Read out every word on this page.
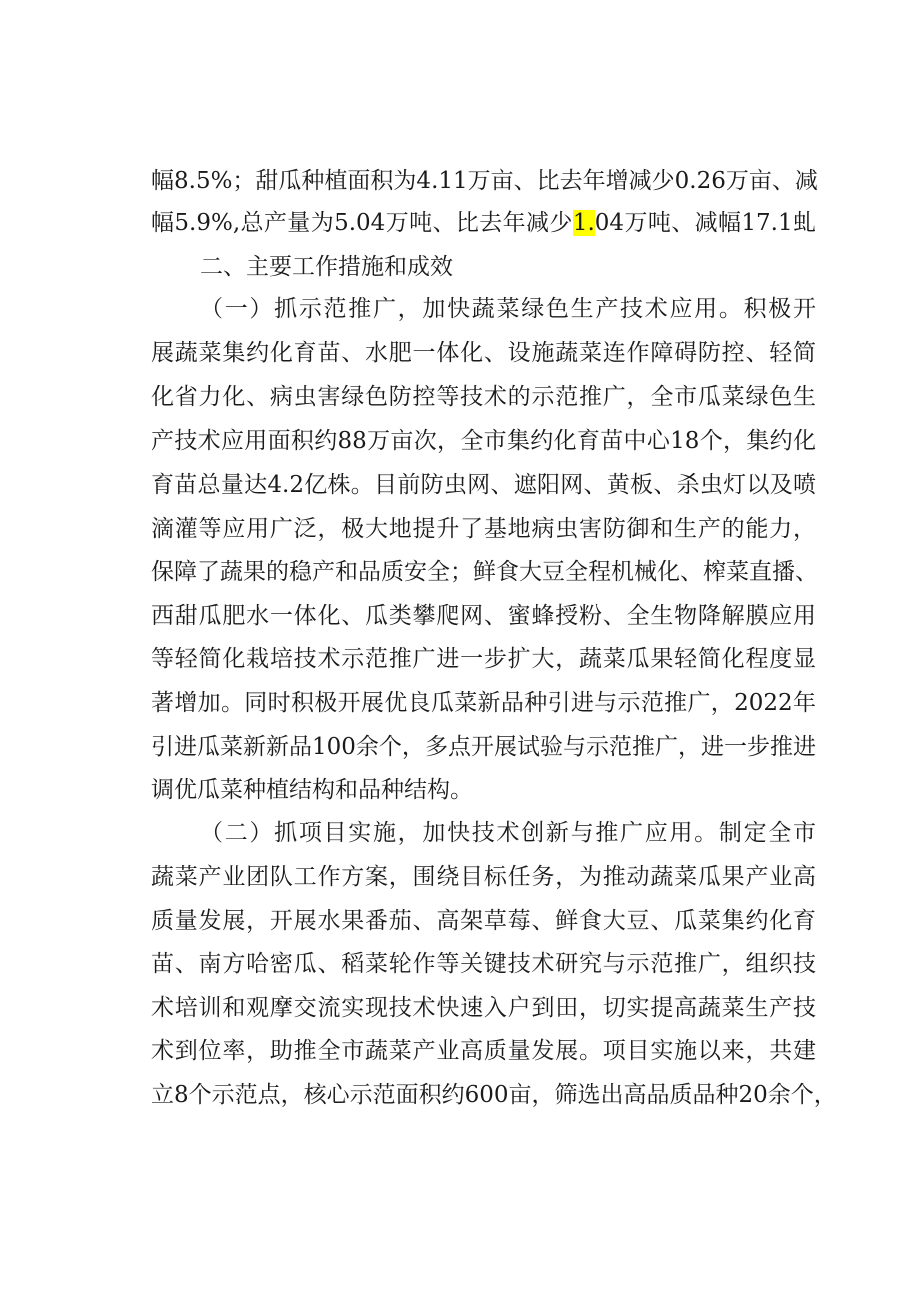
幅8.5%；甜瓜种植面积为4.11万亩、比去年增减少0.26万亩、减
幅5.9%,总产量为5.04万吨、比去年减少1.04万吨、减幅17.1虬
二、主要工作措施和成效
（一）抓示范推广，加快蔬菜绿色生产技术应用。积极开
展蔬菜集约化育苗、水肥一体化、设施蔬菜连作障碍防控、轻简
化省力化、病虫害绿色防控等技术的示范推广，全市瓜菜绿色生
产技术应用面积约88万亩次，全市集约化育苗中心18个，集约化
育苗总量达4.2亿株。目前防虫网、遮阳网、黄板、杀虫灯以及喷
滴灌等应用广泛，极大地提升了基地病虫害防御和生产的能力，
保障了蔬果的稳产和品质安全；鲜食大豆全程机械化、榨菜直播、
西甜瓜肥水一体化、瓜类攀爬网、蜜蜂授粉、全生物降解膜应用
等轻简化栽培技术示范推广进一步扩大，蔬菜瓜果轻简化程度显
著增加。同时积极开展优良瓜菜新品种引进与示范推广，2022年
引进瓜菜新新品100余个，多点开展试验与示范推广，进一步推进
调优瓜菜种植结构和品种结构。
（二）抓项目实施，加快技术创新与推广应用。制定全市
蔬菜产业团队工作方案，围绕目标任务，为推动蔬菜瓜果产业高
质量发展，开展水果番茄、高架草莓、鲜食大豆、瓜菜集约化育
苗、南方哈密瓜、稻菜轮作等关键技术研究与示范推广，组织技
术培训和观摩交流实现技术快速入户到田，切实提高蔬菜生产技
术到位率，助推全市蔬菜产业高质量发展。项目实施以来，共建
立8个示范点，核心示范面积约600亩，筛选出高品质品种20余个，
